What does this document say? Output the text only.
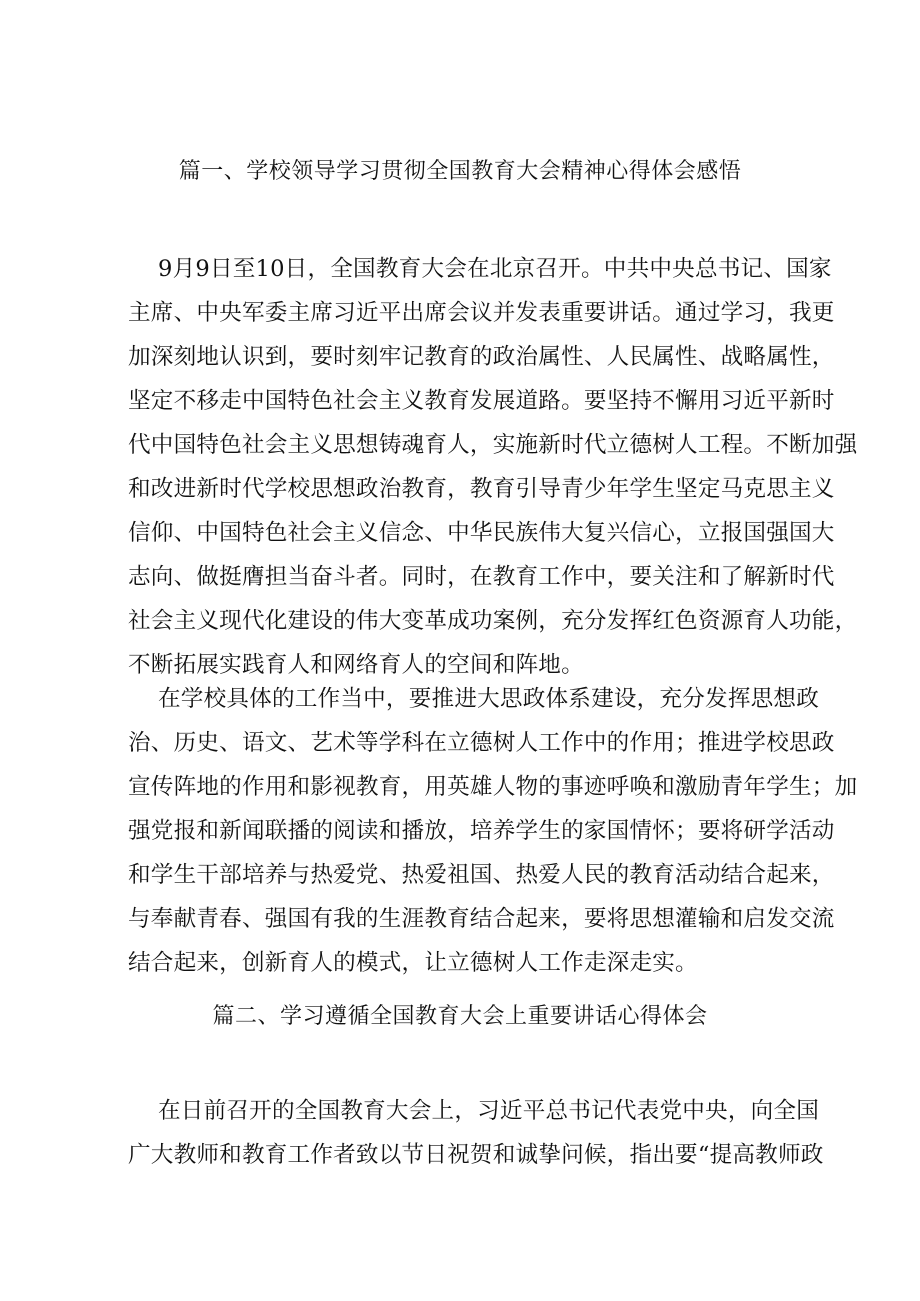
篇一、学校领导学习贯彻全国教育大会精神心得体会感悟
9月9日至10日，全国教育大会在北京召开。中共中央总书记、国家
主席、中央军委主席习近平出席会议并发表重要讲话。通过学习，我更
加深刻地认识到，要时刻牢记教育的政治属性、人民属性、战略属性，
坚定不移走中国特色社会主义教育发展道路。要坚持不懈用习近平新时
代中国特色社会主义思想铸魂育人，实施新时代立德树人工程。不断加强
和改进新时代学校思想政治教育，教育引导青少年学生坚定马克思主义
信仰、中国特色社会主义信念、中华民族伟大复兴信心，立报国强国大
志向、做挺膺担当奋斗者。同时，在教育工作中，要关注和了解新时代
社会主义现代化建设的伟大变革成功案例，充分发挥红色资源育人功能，
不断拓展实践育人和网络育人的空间和阵地。
在学校具体的工作当中，要推进大思政体系建设，充分发挥思想政
治、历史、语文、艺术等学科在立德树人工作中的作用；推进学校思政
宣传阵地的作用和影视教育，用英雄人物的事迹呼唤和激励青年学生；加
强党报和新闻联播的阅读和播放，培养学生的家国情怀；要将研学活动
和学生干部培养与热爱党、热爱祖国、热爱人民的教育活动结合起来，
与奉献青春、强国有我的生涯教育结合起来，要将思想灌输和启发交流
结合起来，创新育人的模式，让立德树人工作走深走实。
篇二、学习遵循全国教育大会上重要讲话心得体会
在日前召开的全国教育大会上，习近平总书记代表党中央，向全国
广大教师和教育工作者致以节日祝贺和诚挚问候，指出要“提高教师政
